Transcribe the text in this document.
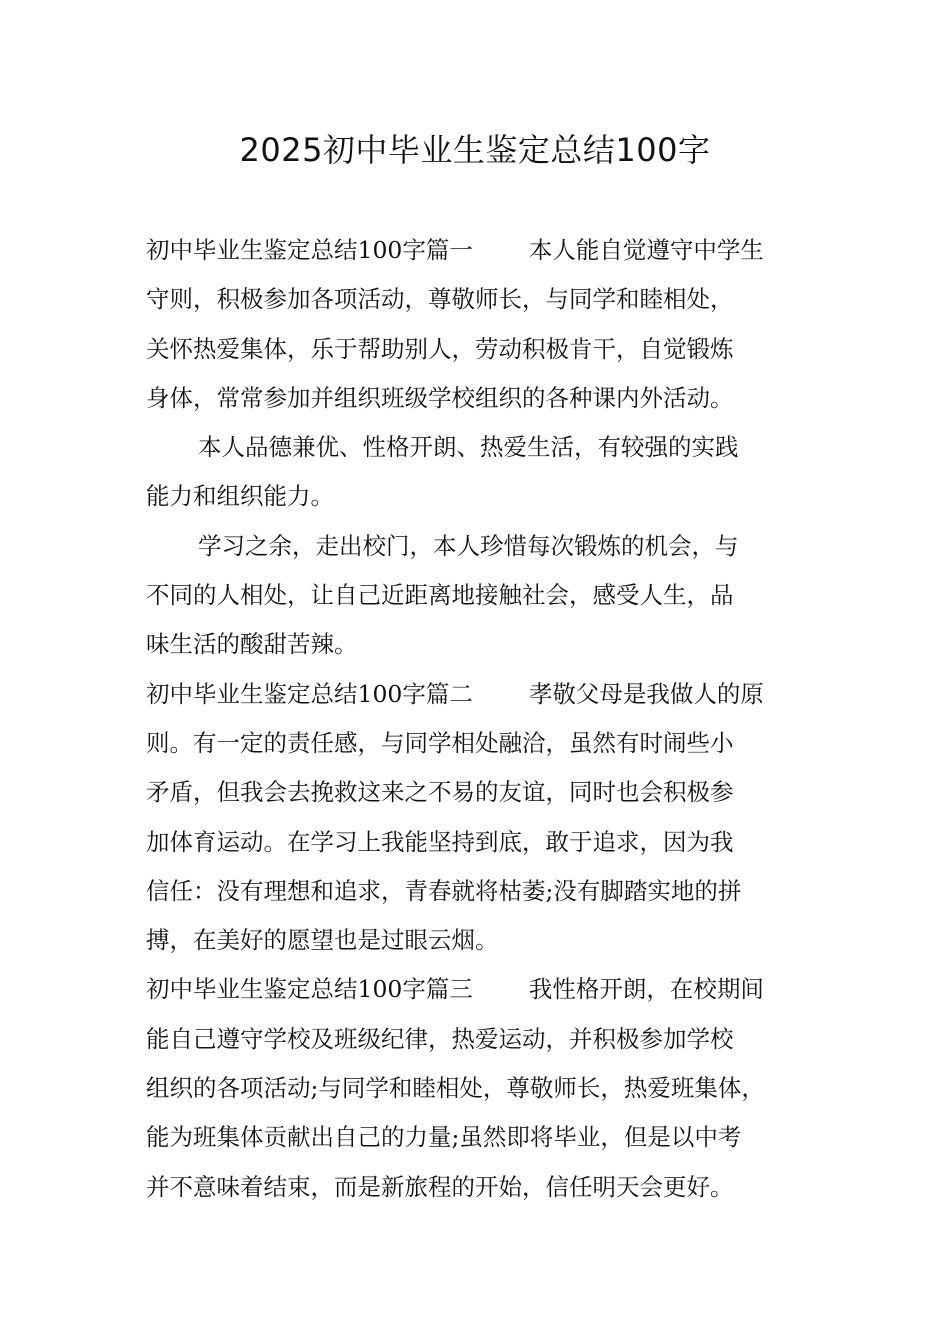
2025初中毕业生鉴定总结100字
初中毕业生鉴定总结100字篇一 本人能自觉遵守中学生
守则，积极参加各项活动，尊敬师长，与同学和睦相处，
关怀热爱集体，乐于帮助别人，劳动积极肯干，自觉锻炼
身体，常常参加并组织班级学校组织的各种课内外活动。
本人品德兼优、性格开朗、热爱生活，有较强的实践
能力和组织能力。
学习之余，走出校门，本人珍惜每次锻炼的机会，与
不同的人相处，让自己近距离地接触社会，感受人生，品
味生活的酸甜苦辣。
初中毕业生鉴定总结100字篇二 孝敬父母是我做人的原
则。有一定的责任感，与同学相处融洽，虽然有时闹些小
矛盾，但我会去挽救这来之不易的友谊，同时也会积极参
加体育运动。在学习上我能坚持到底，敢于追求，因为我
信任：没有理想和追求，青春就将枯萎;没有脚踏实地的拼
搏，在美好的愿望也是过眼云烟。
初中毕业生鉴定总结100字篇三 我性格开朗，在校期间
能自己遵守学校及班级纪律，热爱运动，并积极参加学校
组织的各项活动;与同学和睦相处，尊敬师长，热爱班集体，
能为班集体贡献出自己的力量;虽然即将毕业，但是以中考
并不意味着结束，而是新旅程的开始，信任明天会更好。
